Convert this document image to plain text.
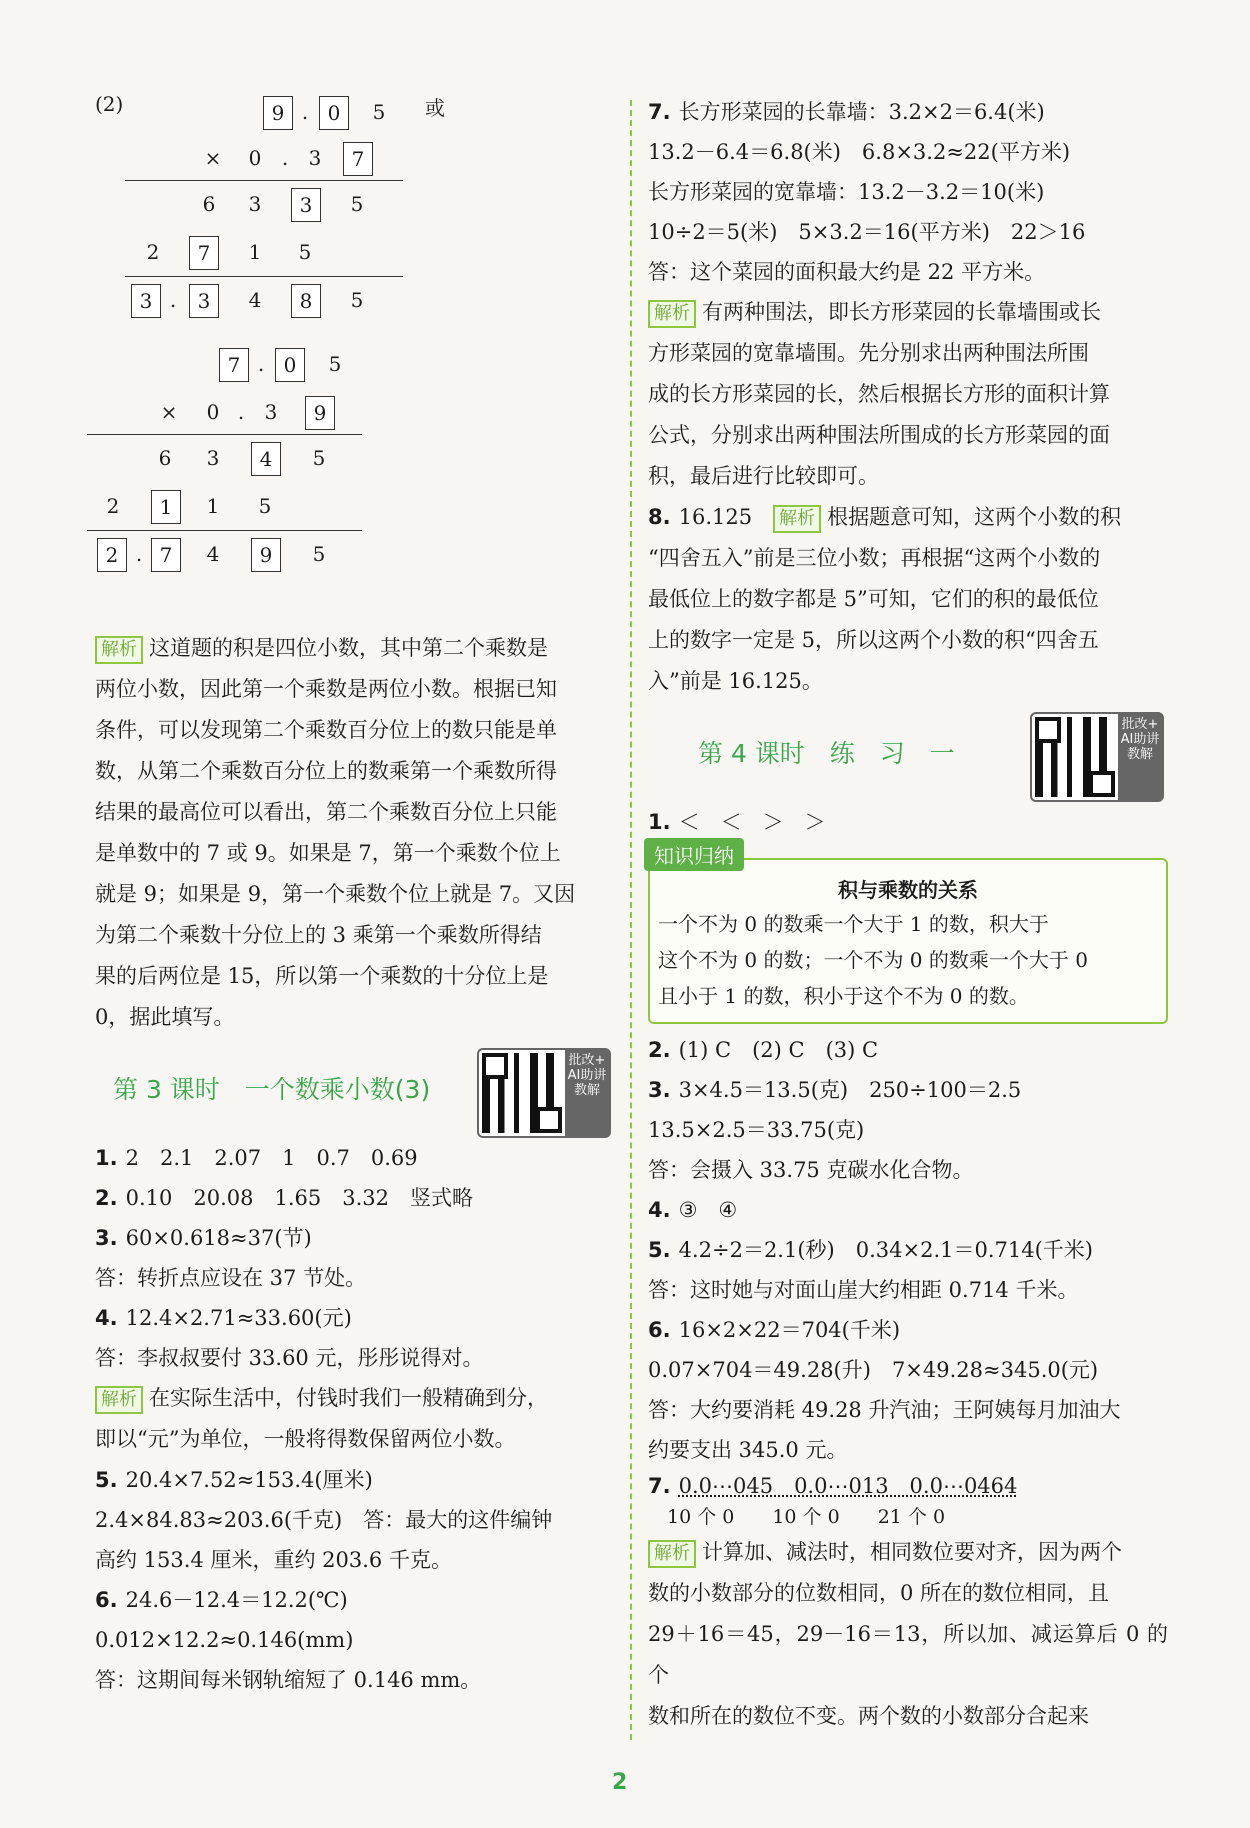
(2)	或
9 . 0	5
×	0	.	3	7
6	3	3	5
2	7	1	5
3 .	3	4	8	5
7 . 0	5
×	0 .	3	9
6	3	4	5
2	1	1	5
2 . 7	4	9	5
解析 这道题的积是四位小数，其中第二个乘数是
两位小数，因此第一个乘数是两位小数。根据已知
条件，可以发现第二个乘数百分位上的数只能是单
数，从第二个乘数百分位上的数乘第一个乘数所得
结果的最高位可以看出，第二个乘数百分位上只能
是单数中的 7 或 9。如果是 7，第一个乘数个位上
就是 9；如果是 9，第一个乘数个位上就是 7。又因
为第二个乘数十分位上的 3 乘第一个乘数所得结
果的后两位是 15，所以第一个乘数的十分位上是
0，据此填写。
第 3 课时　一个数乘小数(3)
批改+AI助讲教解
1. 2　2.1　2.07　1　0.7　0.69
2. 0.10　20.08　1.65　3.32　竖式略
3. 60×0.618≈37(节)
答：转折点应设在 37 节处。
4. 12.4×2.71≈33.60(元)
答：李叔叔要付 33.60 元，彤彤说得对。
解析 在实际生活中，付钱时我们一般精确到分，
即以“元”为单位，一般将得数保留两位小数。
5. 20.4×7.52≈153.4(厘米)
2.4×84.83≈203.6(千克)　答：最大的这件编钟
高约 153.4 厘米，重约 203.6 千克。
6. 24.6－12.4＝12.2(℃)
0.012×12.2≈0.146(mm)
答：这期间每米钢轨缩短了 0.146 mm。
7. 长方形菜园的长靠墙：3.2×2＝6.4(米)
13.2－6.4＝6.8(米)　6.8×3.2≈22(平方米)
长方形菜园的宽靠墙：13.2－3.2＝10(米)
10÷2＝5(米)　5×3.2＝16(平方米)　22＞16
答：这个菜园的面积最大约是 22 平方米。
解析 有两种围法，即长方形菜园的长靠墙围或长
方形菜园的宽靠墙围。先分别求出两种围法所围
成的长方形菜园的长，然后根据长方形的面积计算
公式，分别求出两种围法所围成的长方形菜园的面
积，最后进行比较即可。
8. 16.125　 解析 根据题意可知，这两个小数的积
“四舍五入”前是三位小数；再根据“这两个小数的
最低位上的数字都是 5”可知，它们的积的最低位
上的数字一定是 5，所以这两个小数的积“四舍五
入”前是 16.125。
第 4 课时　练　习　一
批改+AI助讲教解
1. ＜　＜　＞　＞
知识归纳
积与乘数的关系
一个不为 0 的数乘一个大于 1 的数，积大于
这个不为 0 的数；一个不为 0 的数乘一个大于 0
且小于 1 的数，积小于这个不为 0 的数。
2. (1) C　(2) C　(3) C
3. 3×4.5＝13.5(克)　250÷100＝2.5
13.5×2.5＝33.75(克)
答：会摄入 33.75 克碳水化合物。
4. ③　④
5. 4.2÷2＝2.1(秒)　0.34×2.1＝0.714(千米)
答：这时她与对面山崖大约相距 0.714 千米。
6. 16×2×22＝704(千米)
0.07×704＝49.28(升)　7×49.28≈345.0(元)
答：大约要消耗 49.28 升汽油；王阿姨每月加油大
约要支出 345.0 元。
7. 0.0⋯045　0.0⋯013　0.0⋯0464
　10 个 0　　10 个 0　　21 个 0
解析 计算加、减法时，相同数位要对齐，因为两个
数的小数部分的位数相同，0 所在的数位相同，且
29＋16＝45，29－16＝13，所以加、减运算后 0 的个
数和所在的数位不变。两个数的小数部分合起来
2
